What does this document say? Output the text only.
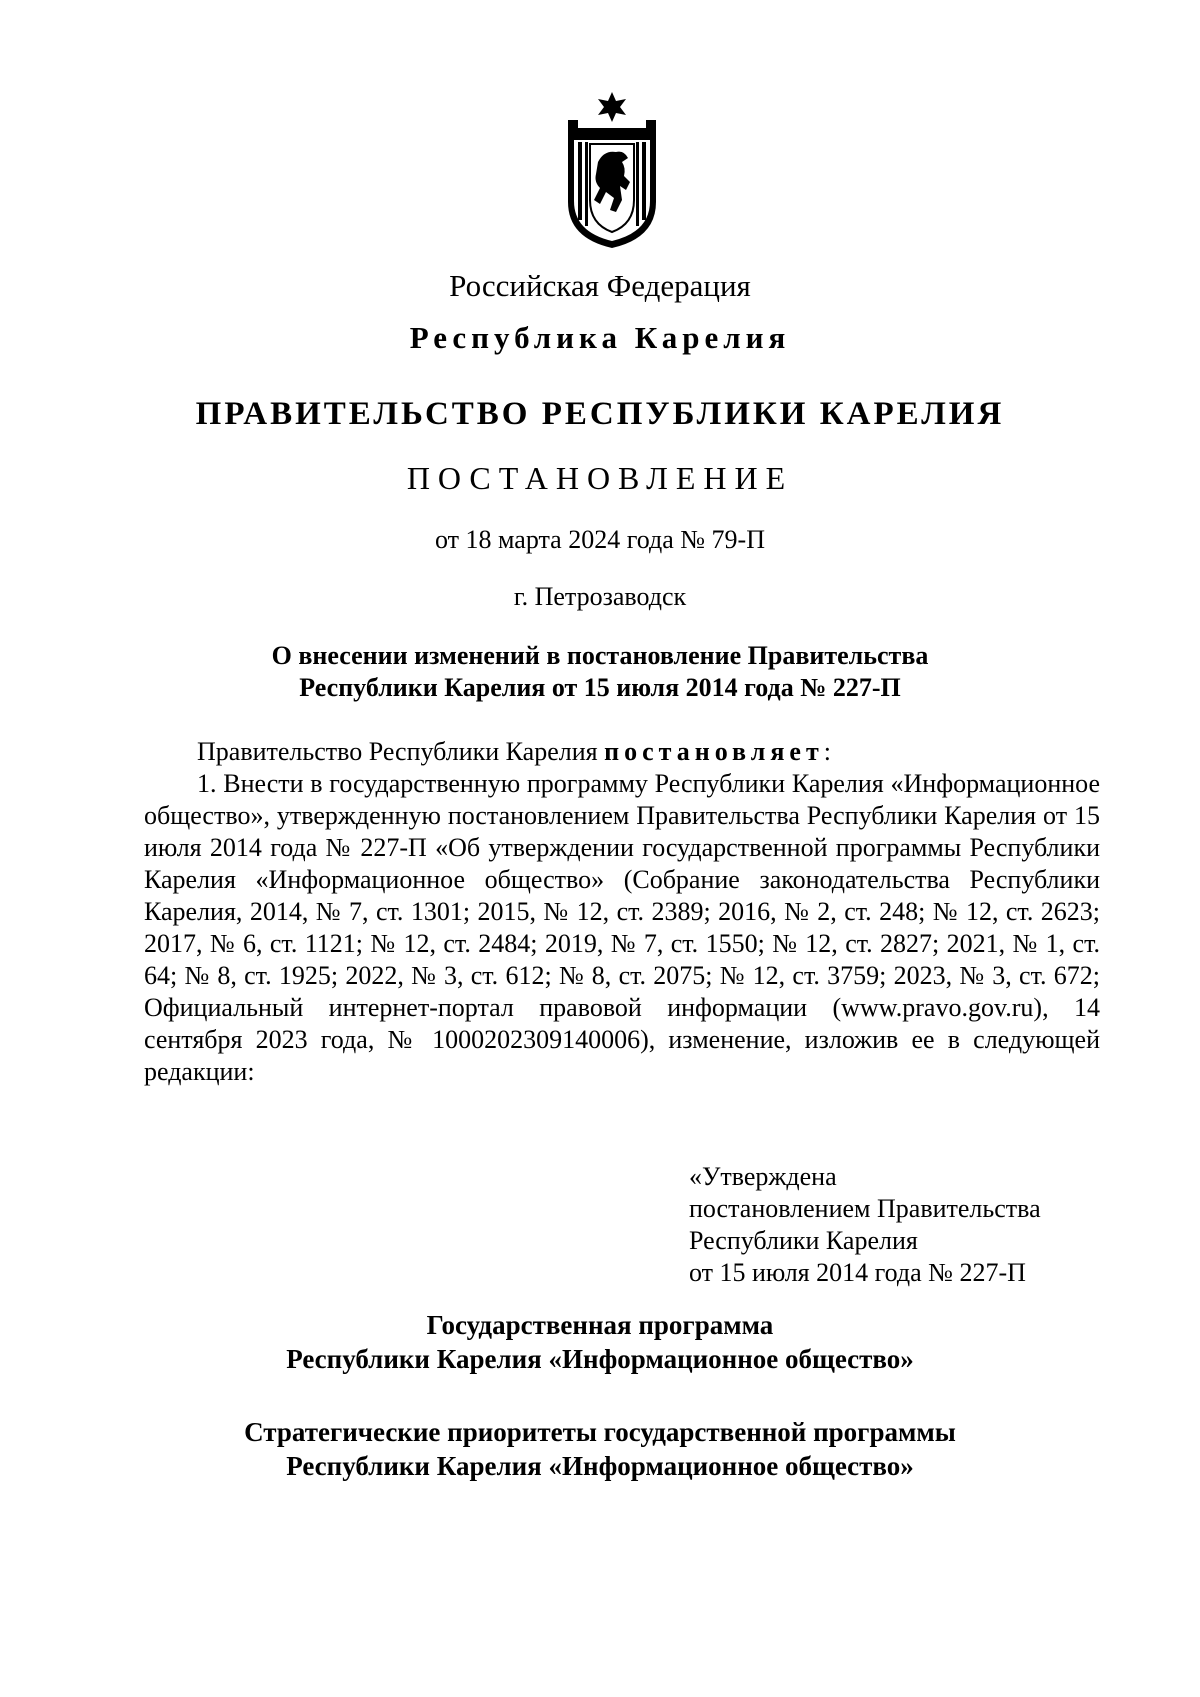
Российская Федерация
Республика Карелия
ПРАВИТЕЛЬСТВО РЕСПУБЛИКИ КАРЕЛИЯ
ПОСТАНОВЛЕНИЕ
от 18 марта 2024 года № 79-П
г. Петрозаводск
О внесении изменений в постановление Правительства
Республики Карелия от 15 июля 2014 года № 227-П
Правительство Республики Карелия постановляет:
1. Внести в государственную программу Республики Карелия «Информационное общество», утвержденную постановлением Правительства Республики Карелия от 15 июля 2014 года № 227-П «Об утверждении государственной программы Республики Карелия «Информационное общество» (Собрание законодательства Республики Карелия, 2014, № 7, ст. 1301; 2015, № 12, ст. 2389; 2016, № 2, ст. 248; № 12, ст. 2623; 2017, № 6, ст. 1121; № 12, ст. 2484; 2019, № 7, ст. 1550; № 12, ст. 2827; 2021, № 1, ст. 64; № 8, ст. 1925; 2022, № 3, ст. 612; № 8, ст. 2075; № 12, ст. 3759; 2023, № 3, ст. 672; Официальный интернет-портал правовой информации (www.pravo.gov.ru), 14 сентября 2023 года, № 1000202309140006), изменение, изложив ее в следующей редакции:
«Утверждена
постановлением Правительства
Республики Карелия
от 15 июля 2014 года № 227-П
Государственная программа
Республики Карелия «Информационное общество»
Стратегические приоритеты государственной программы
Республики Карелия «Информационное общество»
